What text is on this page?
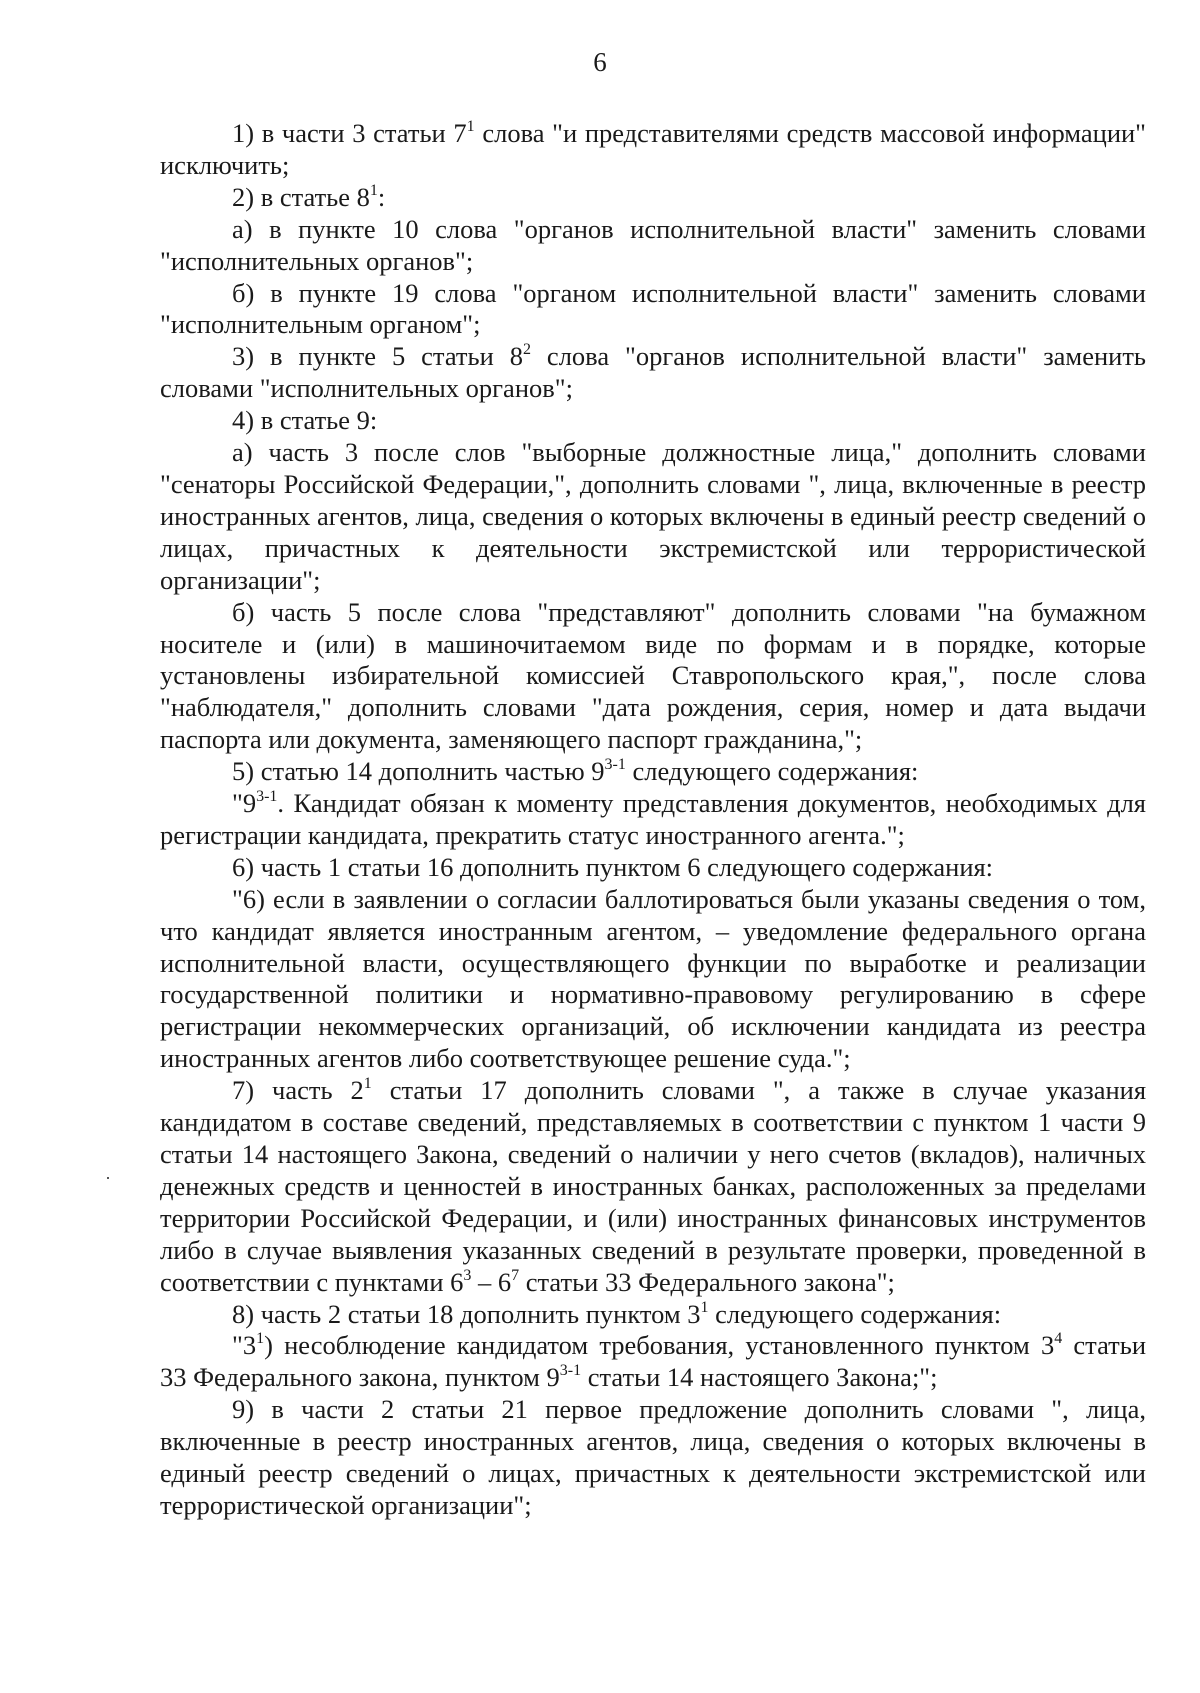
6

1) в части 3 статьи $7^1$ слова "и представителями средств массовой информации" исключить;

2) в статье $8^1$:

а) в пункте 10 слова "органов исполнительной власти" заменить словами "исполнительных органов";

б) в пункте 19 слова "органом исполнительной власти" заменить словами "исполнительным органом";

3) в пункте 5 статьи $8^2$ слова "органов исполнительной власти" заменить словами "исполнительных органов";

4) в статье 9:

а) часть 3 после слов "выборные должностные лица," дополнить словами "сенаторы Российской Федерации,", дополнить словами ", лица, включенные в реестр иностранных агентов, лица, сведения о которых включены в единый реестр сведений о лицах, причастных к деятельности экстремистской или террористической организации";

б) часть 5 после слова "представляют" дополнить словами "на бумажном носителе и (или) в машиночитаемом виде по формам и в порядке, которые установлены избирательной комиссией Ставропольского края,", после слова "наблюдателя," дополнить словами "дата рождения, серия, номер и дата выдачи паспорта или документа, заменяющего паспорт гражданина,";

5) статью 14 дополнить частью 9$^{3-1}$ следующего содержания:

"9$^{3-1}$. Кандидат обязан к моменту представления документов, необходимых для регистрации кандидата, прекратить статус иностранного агента.";

6) часть 1 статьи 16 дополнить пунктом 6 следующего содержания:

"6) если в заявлении о согласии баллотироваться были указаны сведения о том, что кандидат является иностранным агентом, – уведомление федерального органа исполнительной власти, осуществляющего функции по выработке и реализации государственной политики и нормативно-правовому регулированию в сфере регистрации некоммерческих организаций, об исключении кандидата из реестра иностранных агентов либо соответствующее решение суда.";

7) часть $2^1$ статьи 17 дополнить словами ", а также в случае указания кандидатом в составе сведений, представляемых в соответствии с пунктом 1 части 9 статьи 14 настоящего Закона, сведений о наличии у него счетов (вкладов), наличных денежных средств и ценностей в иностранных банках, расположенных за пределами территории Российской Федерации, и (или) иностранных финансовых инструментов либо в случае выявления указанных сведений в результате проверки, проведенной в соответствии с пунктами $6^3 - 6^7$ статьи 33 Федерального закона";

8) часть 2 статьи 18 дополнить пунктом $3^1$ следующего содержания:

"$3^1$) несоблюдение кандидатом требования, установленного пунктом $3^4$ статьи 33 Федерального закона, пунктом 9$^{3-1}$ статьи 14 настоящего Закона;";

9) в части 2 статьи 21 первое предложение дополнить словами ", лица, включенные в реестр иностранных агентов, лица, сведения о которых включены в единый реестр сведений о лицах, причастных к деятельности экстремистской или террористической организации";
